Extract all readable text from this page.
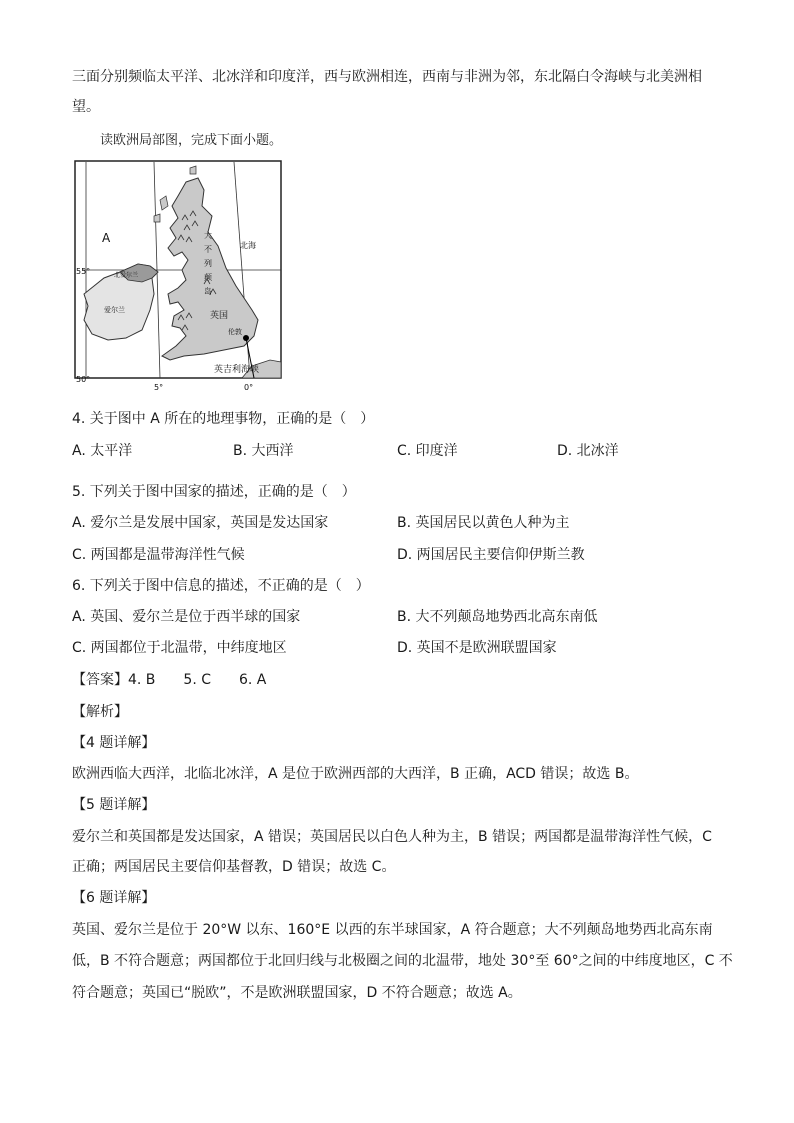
三面分别频临太平洋、北冰洋和印度洋，西与欧洲相连，西南与非洲为邻，东北隔白令海峡与北美洲相
望。
读欧洲局部图，完成下面小题。
A
55°
50°
5°	0°
北海
北爱尔兰
爱尔兰
大
不
列
颠
岛
英国
伦敦
英吉利海峡
4. 关于图中 A 所在的地理事物，正确的是（　）
A. 太平洋	B. 大西洋	C. 印度洋	D. 北冰洋
5. 下列关于图中国家的描述，正确的是（　）
A. 爱尔兰是发展中国家，英国是发达国家	B. 英国居民以黄色人种为主
C. 两国都是温带海洋性气候	D. 两国居民主要信仰伊斯兰教
6. 下列关于图中信息的描述，不正确的是（　）
A. 英国、爱尔兰是位于西半球的国家	B. 大不列颠岛地势西北高东南低
C. 两国都位于北温带，中纬度地区	D. 英国不是欧洲联盟国家
【答案】4. B　　5. C　　6. A
【解析】
【4 题详解】
欧洲西临大西洋，北临北冰洋，A 是位于欧洲西部的大西洋，B 正确，ACD 错误；故选 B。
【5 题详解】
爱尔兰和英国都是发达国家，A 错误；英国居民以白色人种为主，B 错误；两国都是温带海洋性气候，C
正确；两国居民主要信仰基督教，D 错误；故选 C。
【6 题详解】
英国、爱尔兰是位于 20°W 以东、160°E 以西的东半球国家，A 符合题意；大不列颠岛地势西北高东南
低，B 不符合题意；两国都位于北回归线与北极圈之间的北温带，地处 30°至 60°之间的中纬度地区，C 不
符合题意；英国已“脱欧”，不是欧洲联盟国家，D 不符合题意；故选 A。
